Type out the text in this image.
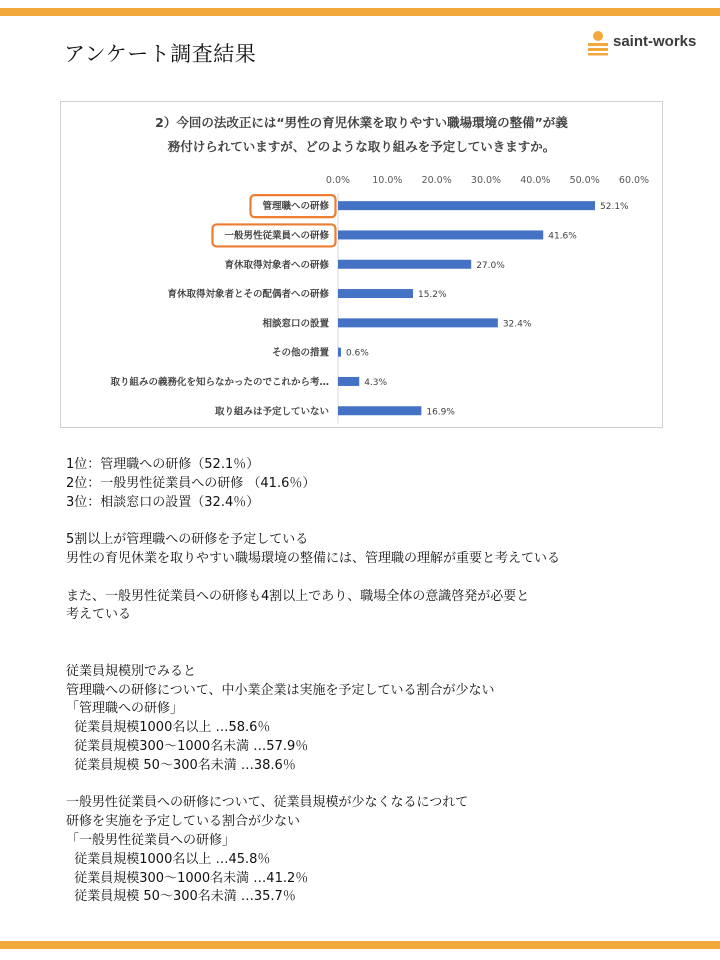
アンケート調査結果
saint-works
2）今回の法改正には“男性の育児休業を取りやすい職場環境の整備”が義
務付けられていますが、どのような取り組みを予定していきますか。
0.0% 10.0% 20.0% 30.0% 40.0% 50.0% 60.0%
管理職への研修	52.1%
一般男性従業員への研修	41.6%
育休取得対象者への研修	27.0%
育休取得対象者とその配偶者への研修	15.2%
相談窓口の設置	32.4%
その他の措置 0.6%
取り組みの義務化を知らなかったのでこれから考…	4.3%
取り組みは予定していない	16.9%
1位：管理職への研修（52.1％）
2位：一般男性従業員への研修 （41.6％）
3位：相談窓口の設置（32.4％）
5割以上が管理職への研修を予定している
男性の育児休業を取りやすい職場環境の整備には、管理職の理解が重要と考えている
また、一般男性従業員への研修も4割以上であり、職場全体の意識啓発が必要と
考えている
従業員規模別でみると
管理職への研修について、中小業企業は実施を予定している割合が少ない
「管理職への研修」
従業員規模1000名以上 …58.6％
従業員規模300～1000名未満 …57.9％
従業員規模 50～300名未満 …38.6％
一般男性従業員への研修について、従業員規模が少なくなるにつれて
研修を実施を予定している割合が少ない
「一般男性従業員への研修」
従業員規模1000名以上 …45.8％
従業員規模300～1000名未満 …41.2％
従業員規模 50～300名未満 …35.7％
